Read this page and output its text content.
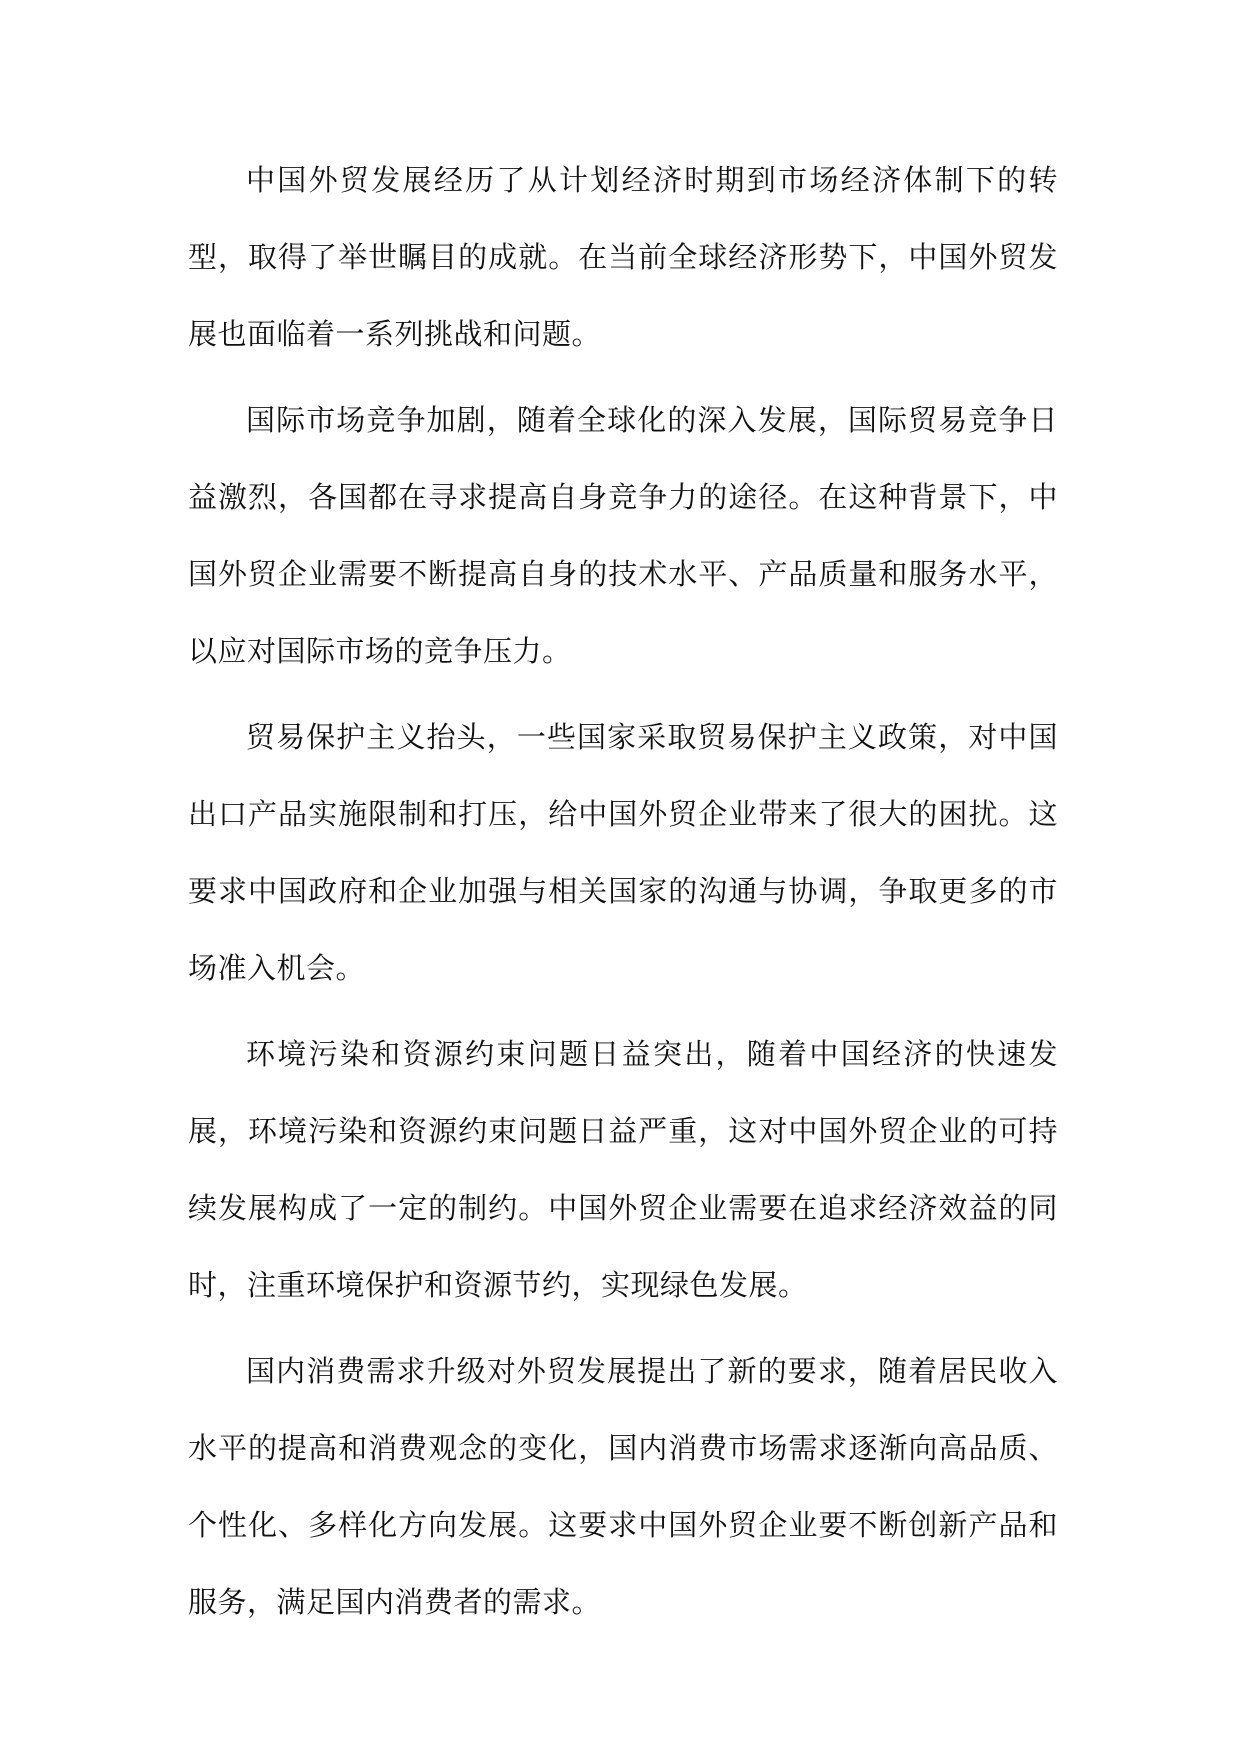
中国外贸发展经历了从计划经济时期到市场经济体制下的转型，取得了举世瞩目的成就。在当前全球经济形势下，中国外贸发展也面临着一系列挑战和问题。

国际市场竞争加剧，随着全球化的深入发展，国际贸易竞争日益激烈，各国都在寻求提高自身竞争力的途径。在这种背景下，中国外贸企业需要不断提高自身的技术水平、产品质量和服务水平，以应对国际市场的竞争压力。

贸易保护主义抬头，一些国家采取贸易保护主义政策，对中国出口产品实施限制和打压，给中国外贸企业带来了很大的困扰。这要求中国政府和企业加强与相关国家的沟通与协调，争取更多的市场准入机会。

环境污染和资源约束问题日益突出，随着中国经济的快速发展，环境污染和资源约束问题日益严重，这对中国外贸企业的可持续发展构成了一定的制约。中国外贸企业需要在追求经济效益的同时，注重环境保护和资源节约，实现绿色发展。

国内消费需求升级对外贸发展提出了新的要求，随着居民收入水平的提高和消费观念的变化，国内消费市场需求逐渐向高品质、个性化、多样化方向发展。这要求中国外贸企业要不断创新产品和服务，满足国内消费者的需求。
